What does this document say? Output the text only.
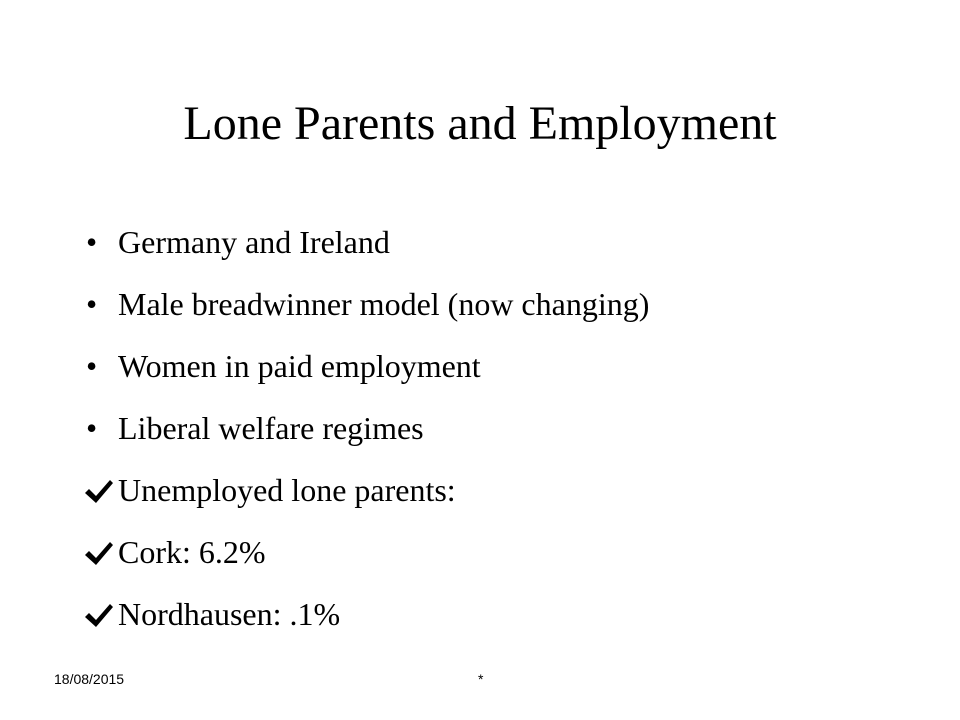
Lone Parents and Employment
• Germany and Ireland
• Male breadwinner model (now changing)
• Women in paid employment
• Liberal welfare regimes
Unemployed lone parents:
Cork: 6.2%
Nordhausen: .1%
18/08/2015	*
